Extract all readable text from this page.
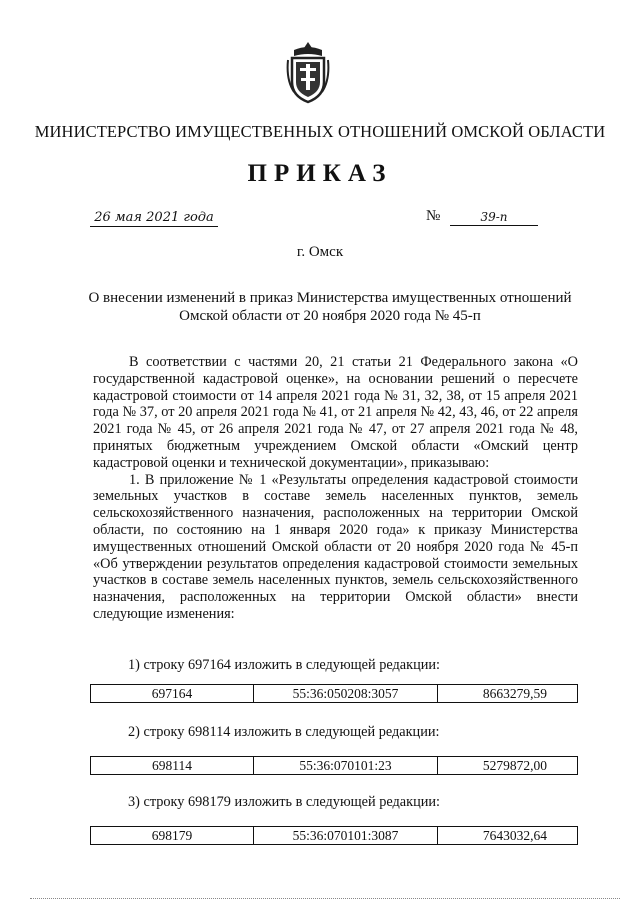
МИНИСТЕРСТВО ИМУЩЕСТВЕННЫХ ОТНОШЕНИЙ ОМСКОЙ ОБЛАСТИ
ПРИКАЗ
26 мая 2021 года	№	39-п
г. Омск
О внесении изменений в приказ Министерства имущественных отношений Омской области от 20 ноября 2020 года № 45-п

В соответствии с частями 20, 21 статьи 21 Федерального закона «О государственной кадастровой оценке», на основании решений о пересчете кадастровой стоимости от 14 апреля 2021 года № 31, 32, 38, от 15 апреля 2021 года № 37, от 20 апреля 2021 года № 41, от 21 апреля № 42, 43, 46, от 22 апреля 2021 года № 45, от 26 апреля 2021 года № 47, от 27 апреля 2021 года № 48, принятых бюджетным учреждением Омской области «Омский центр кадастровой оценки и технической документации», приказываю:

1. В приложение № 1 «Результаты определения кадастровой стоимости земельных участков в составе земель населенных пунктов, земель сельскохозяйственного назначения, расположенных на территории Омской области, по состоянию на 1 января 2020 года» к приказу Министерства имущественных отношений Омской области от 20 ноября 2020 года № 45-п «Об утверждении результатов определения кадастровой стоимости земельных участков в составе земель населенных пунктов, земель сельскохозяйственного назначения, расположенных на территории Омской области» внести следующие изменения:

1) строку 697164 изложить в следующей редакции:
697164	55:36:050208:3057	8663279,59
2) строку 698114 изложить в следующей редакции:
698114	55:36:070101:23	5279872,00
3) строку 698179 изложить в следующей редакции:
698179	55:36:070101:3087	7643032,64
